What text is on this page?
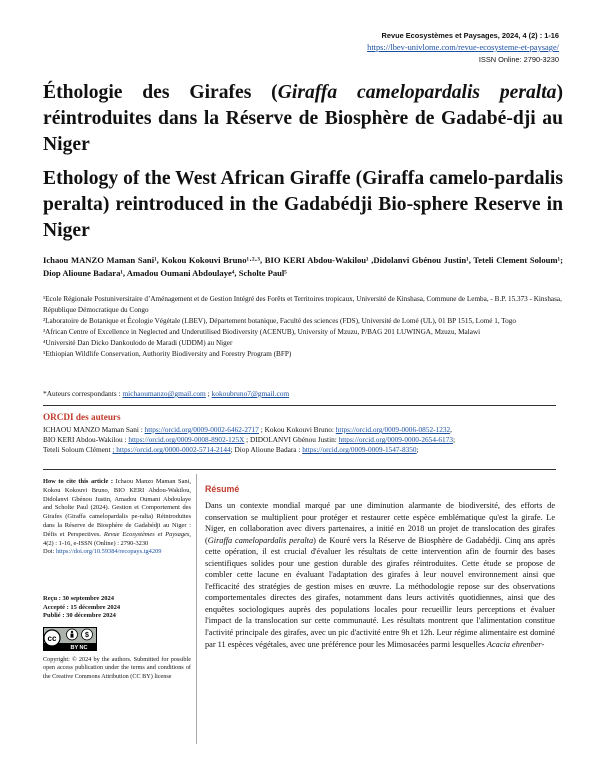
Revue Ecosystèmes et Paysages, 2024, 4 (2) : 1-16
https://lbev-univlome.com/revue-ecosysteme-et-paysage/
ISSN Online: 2790-3230
Éthologie des Girafes (Giraffa camelopardalis peralta) réintroduites dans la Réserve de Biosphère de Gadabé-dji au Niger
Ethology of the West African Giraffe (Giraffa camelo-pardalis peralta) reintroduced in the Gadabédji Bio-sphere Reserve in Niger
Ichaou MANZO Maman Sani¹, Kokou Kokouvi Bruno¹·²·³, BIO KERI Abdou-Wakilou¹ ,Didolanvi Gbénou Justin¹, Teteli Clement Soloum¹; Diop Alioune Badara¹, Amadou Oumani Abdoulaye⁴, Scholte Paul⁵
¹Ecole Régionale Postuniversitaire d’Aménagement et de Gestion Intégré des Forêts et Territoires tropicaux, Université de Kinshasa, Commune de Lemba, - B.P. 15.373 - Kinshasa, République Démocratique du Congo
²Laboratoire de Botanique et Écologie Végétale (LBEV), Département botanique, Faculté des sciences (FDS), Université de Lomé (UL), 01 BP 1515, Lomé 1, Togo
³African Centre of Excellence in Neglected and Underutilised Biodiversity (ACENUB), University of Mzuzu, P/BAG 201 LUWINGA, Mzuzu, Malawi
⁴Université Dan Dicko Dankoulodo de Maradi (UDDM) au Niger
⁵Ethiopian Wildlife Conservation, Authority Biodiversity and Forestry Program (BFP)
*Auteurs correspondants : michaoumanzo@gmail.com ; kokoubruno7@gmail.com
ORCDI des auteurs
ICHAOU MANZO Maman Sani : https://orcid.org/0009-0002-6462-2717 ; Kokou Kokouvi Bruno: https://orcid.org/0009-0006-0852-1232,
BIO KERI Abdou-Wakilou : https://orcid.org/0009-0008-8902-125X ; DIDOLANVI Gbénou Justin: https://orcid.org/0009-0000-2654-6173;
Teteli Soloum Clément ; https://orcid.org/0000-0002-5714-2144; Diop Alioune Badara : https://orcid.org/0009-0009-1547-8350;
How to cite this article : Ichaou Manzo Maman Sani, Kokou Kokouvi Bruno, BIO KERI Abdou-Wakilou, Didolanvi Gbénou Justin, Amadou Oumani Abdoulaye and Scholte Paul (2024). Gestion et Comportement des Girafes (Giraffa camelopardalis pe-ralta) Réintroduites dans la Réserve de Biosphère de Gadabédji au Niger : Défis et Perspectives. Revue Ecosystèmes et Paysages, 4(2) : 1-16, e-ISSN (Online) : 2790-3230
Doi: https://doi.org/10.59384/recopays.tg4209
Reçu : 30 septembre 2024
Accepté : 15 décembre 2024
Publié : 30 décembre 2024
cc	$
BY NC
Copyright: © 2024 by the authors. Submitted for possible open access publication under the terms and conditions of the Creative Commons Attribution (CC BY) license
Résumé

Dans un contexte mondial marqué par une diminution alarmante de biodiversité, des efforts de conservation se multiplient pour protéger et restaurer cette espèce emblématique qu'est la girafe. Le Niger, en collaboration avec divers partenaires, a initié en 2018 un projet de translocation des girafes (Giraffa camelopardalis peralta) de Kouré vers la Réserve de Biosphère de Gadabédji. Cinq ans après cette opération, il est crucial d'évaluer les résultats de cette intervention afin de fournir des bases scientifiques solides pour une gestion durable des girafes réintroduites. Cette étude se propose de combler cette lacune en évaluant l'adaptation des girafes à leur nouvel environnement ainsi que l'efficacité des stratégies de gestion mises en œuvre. La méthodologie repose sur des observations comportementales directes des girafes, notamment dans leurs activités quotidiennes, ainsi que des enquêtes sociologiques auprès des populations locales pour recueillir leurs perceptions et évaluer l'impact de la translocation sur cette communauté. Les résultats montrent que l'alimentation constitue l'activité principale des girafes, avec un pic d'activité entre 9h et 12h. Leur régime alimentaire est dominé par 11 espèces végétales, avec une préférence pour les Mimosacées parmi lesquelles Acacia ehrenber-
